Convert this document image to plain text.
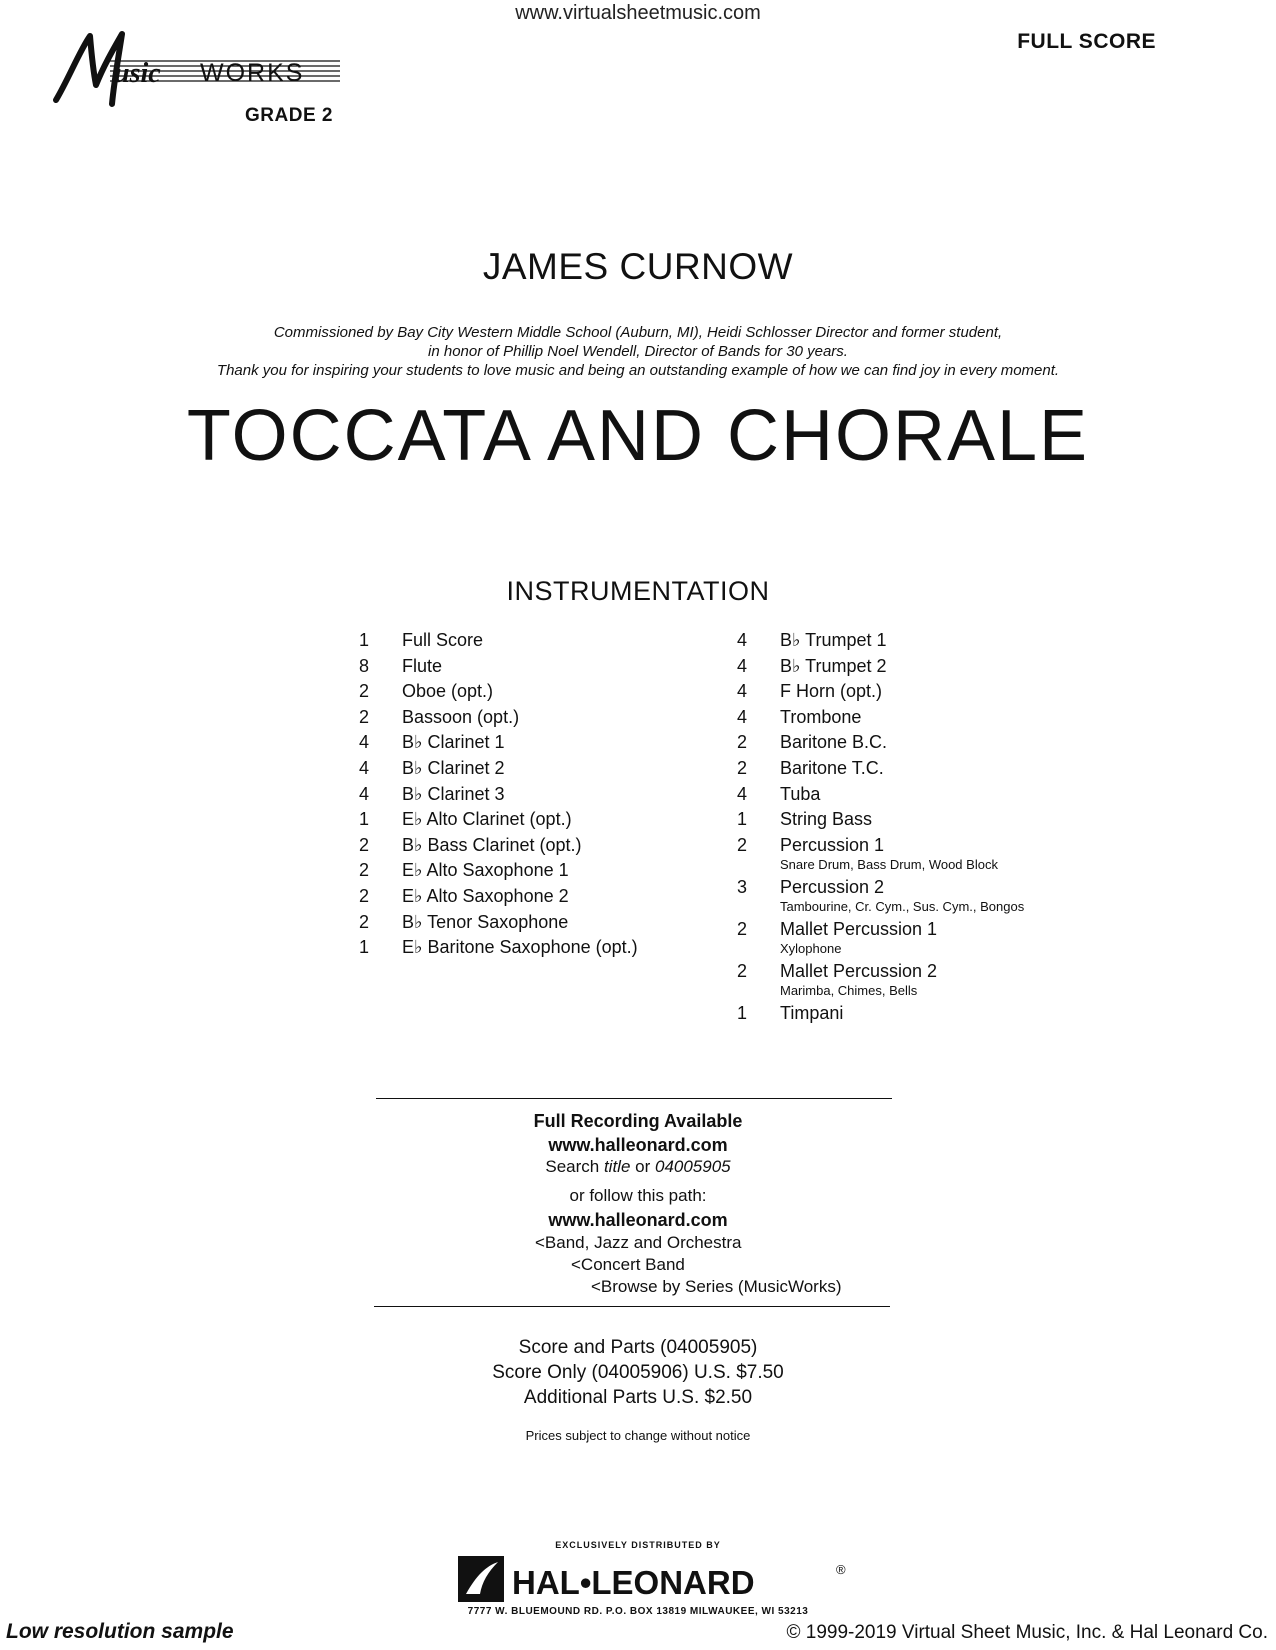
www.virtualsheetmusic.com
FULL SCORE
usic WORKS
GRADE 2
JAMES CURNOW
Commissioned by Bay City Western Middle School (Auburn, MI), Heidi Schlosser Director and former student,
in honor of Phillip Noel Wendell, Director of Bands for 30 years.
Thank you for inspiring your students to love music and being an outstanding example of how we can find joy in every moment.
TOCCATA AND CHORALE
INSTRUMENTATION
1 Full Score
8 Flute
2 Oboe (opt.)
2 Bassoon (opt.)
4 B♭ Clarinet 1
4 B♭ Clarinet 2
4 B♭ Clarinet 3
1 E♭ Alto Clarinet (opt.)
2 B♭ Bass Clarinet (opt.)
2 E♭ Alto Saxophone 1
2 E♭ Alto Saxophone 2
2 B♭ Tenor Saxophone
1 E♭ Baritone Saxophone (opt.)
4 B♭ Trumpet 1
4 B♭ Trumpet 2
4 F Horn (opt.)
4 Trombone
2 Baritone B.C.
2 Baritone T.C.
4 Tuba
1 String Bass
2 Percussion 1
Snare Drum, Bass Drum, Wood Block
3 Percussion 2
Tambourine, Cr. Cym., Sus. Cym., Bongos
2 Mallet Percussion 1
Xylophone
2 Mallet Percussion 2
Marimba, Chimes, Bells
1 Timpani
Full Recording Available
www.halleonard.com
Search title or 04005905
or follow this path:
www.halleonard.com
<Band, Jazz and Orchestra
<Concert Band
<Browse by Series (MusicWorks)
Score and Parts (04005905)
Score Only (04005906) U.S. $7.50
Additional Parts U.S. $2.50
Prices subject to change without notice
EXCLUSIVELY DISTRIBUTED BY
HAL•LEONARD	®
7777 W. BLUEMOUND RD. P.O. BOX 13819 MILWAUKEE, WI 53213
Low resolution sample	© 1999-2019 Virtual Sheet Music, Inc. & Hal Leonard Co.
